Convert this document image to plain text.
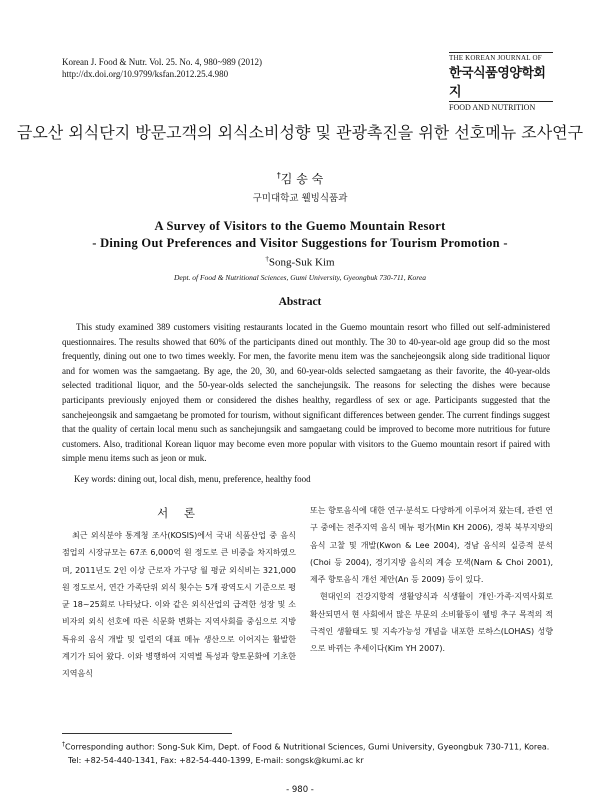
Korean J. Food & Nutr. Vol. 25. No. 4, 980~989 (2012)
http://dx.doi.org/10.9799/ksfan.2012.25.4.980
THE KOREAN JOURNAL OF
한국식품영양학회지
FOOD AND NUTRITION
금오산 외식단지 방문고객의 외식소비성향 및 관광촉진을 위한 선호메뉴 조사연구
†김 송 숙
구미대학교 웰빙식품과
A Survey of Visitors to the Guemo Mountain Resort
- Dining Out Preferences and Visitor Suggestions for Tourism Promotion -
†Song-Suk Kim
Dept. of Food & Nutritional Sciences, Gumi University, Gyeongbuk 730-711, Korea
Abstract
This study examined 389 customers visiting restaurants located in the Guemo mountain resort who filled out self-administered questionnaires. The results showed that 60% of the participants dined out monthly. The 30 to 40-year-old age group did so the most frequently, dining out one to two times weekly. For men, the favorite menu item was the sanchejeongsik along side traditional liquor and for women was the samgaetang. By age, the 20, 30, and 60-year-olds selected samgaetang as their favorite, the 40-year-olds selected traditional liquor, and the 50-year-olds selected the sanchejungsik. The reasons for selecting the dishes were because participants previously enjoyed them or considered the dishes healthy, regardless of sex or age. Participants suggested that the sanchejeongsik and samgaetang be promoted for tourism, without significant differences between gender. The current findings suggest that the quality of certain local menu such as sanchejungsik and samgaetang could be improved to become more nutritious for future customers. Also, traditional Korean liquor may become even more popular with visitors to the Guemo mountain resort if paired with simple menu items such as jeon or muk.
Key words: dining out, local dish, menu, preference, healthy food
서 론
최근 외식분야 통계청 조사(KOSIS)에서 국내 식품산업 중 음식점업의 시장규모는 67조 6,000억 원 정도로 큰 비중을 차지하였으며, 2011년도 2인 이상 근로자 가구당 월 평균 외식비는 321,000원 정도로서, 연간 가족단위 외식 횟수는 5개 광역도시 기준으로 평균 18~25회로 나타났다. 이와 같은 외식산업의 급격한 성장 및 소비자의 외식 선호에 따른 식문화 변화는 지역사회를 중심으로 지방 특유의 음식 개발 및 일련의 대표 메뉴 생산으로 이어지는 활발한 계기가 되어 왔다. 이와 병행하여 지역별 특성과 향토문화에 기초한 지역음식

또는 향토음식에 대한 연구·분석도 다양하게 이루어져 왔는데, 관련 연구 중에는 전주지역 음식 메뉴 평가(Min KH 2006), 경북 북부지방의 음식 고찰 및 개발(Kwon & Lee 2004), 경남 음식의 실증적 분석(Choi 등 2004), 경기지방 음식의 계승 모색(Nam & Choi 2001), 제주 향토음식 개선 제안(An 등 2009) 등이 있다.

현대인의 건강지향적 생활양식과 식생활이 개인·가족·지역사회로 확산되면서 현 사회에서 많은 부문의 소비활동이 웰빙 추구 목적의 적극적인 생활태도 및 지속가능성 개념을 내포한 로하스(LOHAS) 성향으로 바뀌는 추세이다(Kim YH 2007).

†Corresponding author: Song-Suk Kim, Dept. of Food & Nutritional Sciences, Gumi University, Gyeongbuk 730-711, Korea.
Tel: +82-54-440-1341, Fax: +82-54-440-1399, E-mail: songsk@kumi.ac kr
- 980 -
